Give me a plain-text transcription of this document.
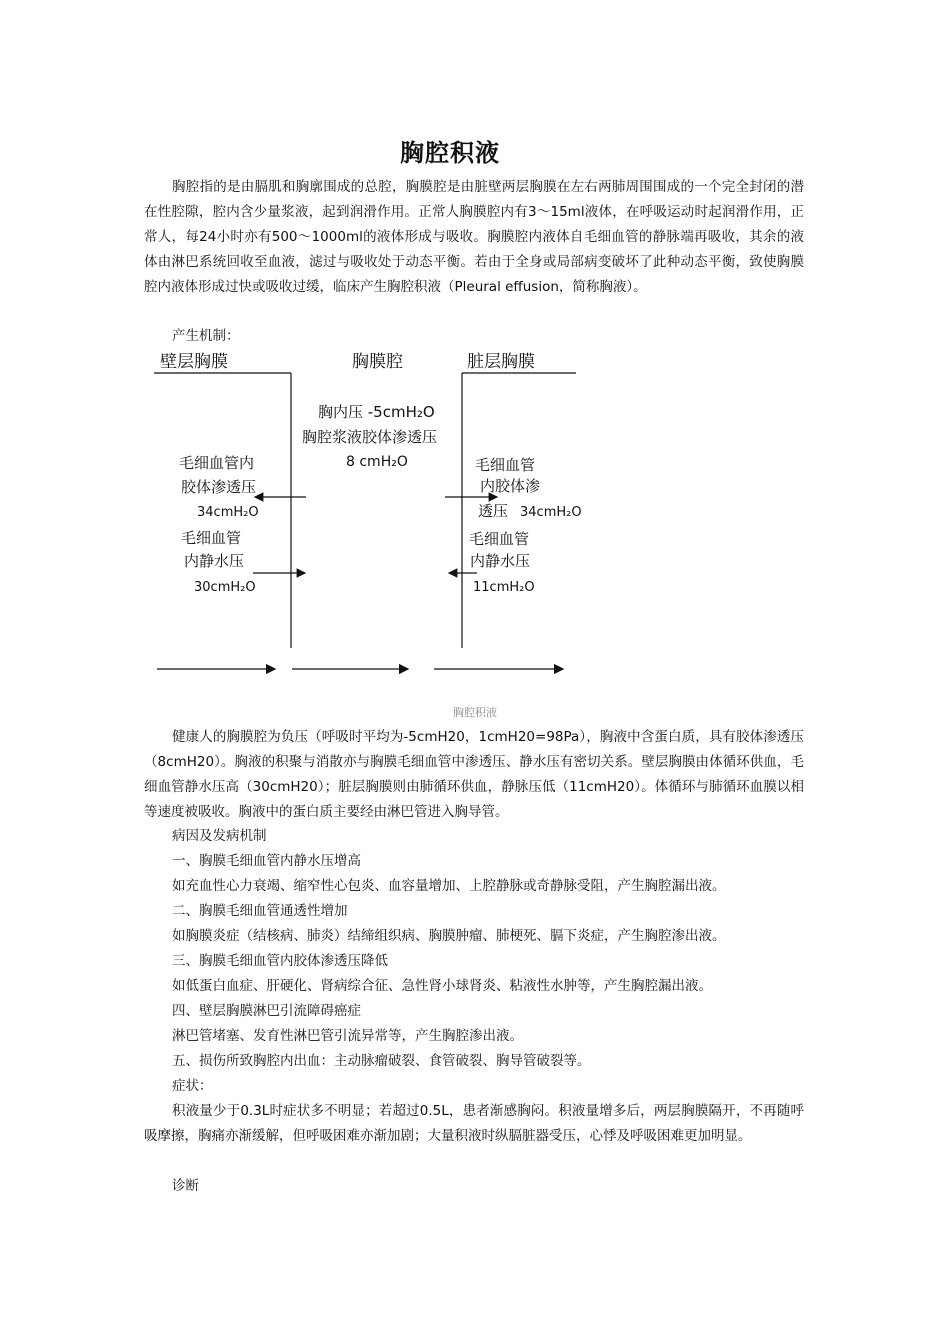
胸腔积液

胸腔指的是由膈肌和胸廓围成的总腔，胸膜腔是由脏壁两层胸膜在左右两肺周围围成的一个完全封闭的潜在性腔隙，腔内含少量浆液，起到润滑作用。正常人胸膜腔内有3～15ml液体，在呼吸运动时起润滑作用，正常人，每24小时亦有500～1000ml的液体形成与吸收。胸膜腔内液体自毛细血管的静脉端再吸收，其余的液体由淋巴系统回收至血液，滤过与吸收处于动态平衡。若由于全身或局部病变破坏了此种动态平衡，致使胸膜腔内液体形成过快或吸收过缓，临床产生胸腔积液（Pleural effusion，简称胸液）。

产生机制：
壁层胸膜	胸膜腔	脏层胸膜
胸内压 -5cmH₂O
胸腔浆液胶体渗透压
8 cmH₂O
毛细血管内
胶体渗透压
34cmH₂O
毛细血管
内静水压
30cmH₂O
毛细血管
内胶体渗
透压 34cmH₂O
毛细血管
内静水压
11cmH₂O
胸腔积液

健康人的胸膜腔为负压（呼吸时平均为-5cmH20，1cmH20=98Pa），胸液中含蛋白质，具有胶体渗透压（8cmH20）。胸液的积聚与消散亦与胸膜毛细血管中渗透压、静水压有密切关系。壁层胸膜由体循环供血，毛细血管静水压高（30cmH20）；脏层胸膜则由肺循环供血，静脉压低（11cmH20）。体循环与肺循环血膜以相等速度被吸收。胸液中的蛋白质主要经由淋巴管进入胸导管。

病因及发病机制
一、胸膜毛细血管内静水压增高
如充血性心力衰竭、缩窄性心包炎、血容量增加、上腔静脉或奇静脉受阻，产生胸腔漏出液。
二、胸膜毛细血管通透性增加
如胸膜炎症（结核病、肺炎）结缔组织病、胸膜肿瘤、肺梗死、膈下炎症，产生胸腔渗出液。
三、胸膜毛细血管内胶体渗透压降低
如低蛋白血症、肝硬化、肾病综合征、急性肾小球肾炎、粘液性水肿等，产生胸腔漏出液。
四、壁层胸膜淋巴引流障碍癌症
淋巴管堵塞、发育性淋巴管引流异常等，产生胸腔渗出液。
五、损伤所致胸腔内出血：主动脉瘤破裂、食管破裂、胸导管破裂等。
症状：

积液量少于0.3L时症状多不明显；若超过0.5L，患者渐感胸闷。积液量增多后，两层胸膜隔开，不再随呼吸摩擦，胸痛亦渐缓解，但呼吸困难亦渐加剧；大量积液时纵膈脏器受压，心悸及呼吸困难更加明显。

诊断
